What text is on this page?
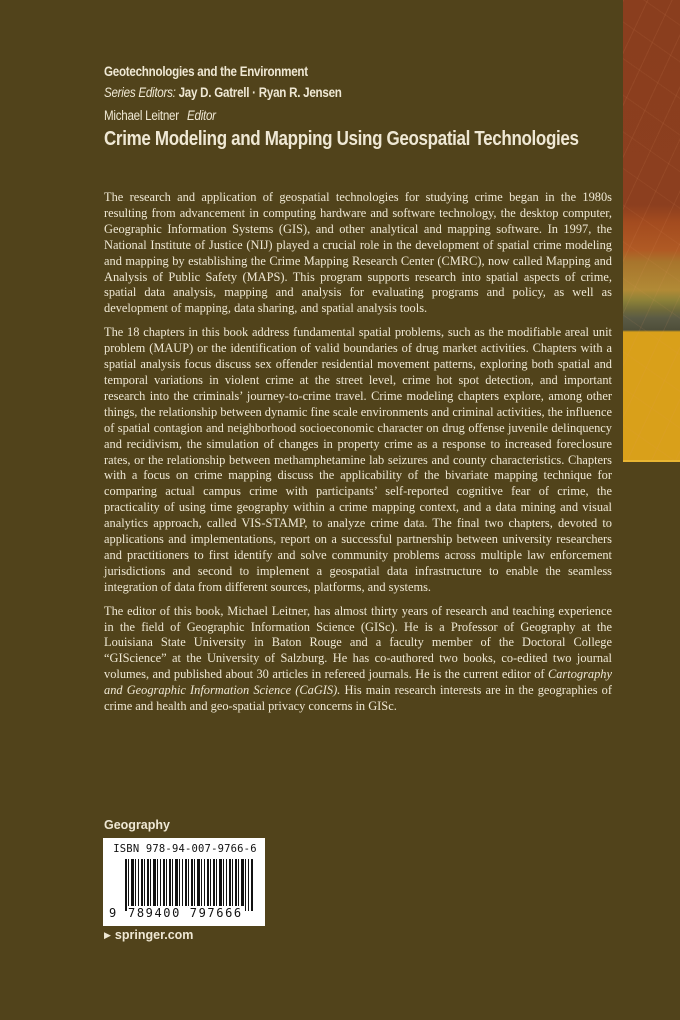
Geotechnologies and the Environment
Series Editors: Jay D. Gatrell · Ryan R. Jensen
Michael Leitner Editor
Crime Modeling and Mapping Using Geospatial Technologies

The research and application of geospatial technologies for studying crime began in the 1980s resulting from advancement in computing hardware and software technology, the desktop computer, Geographic Information Systems (GIS), and other analytical and mapping software. In 1997, the National Institute of Justice (NIJ) played a crucial role in the development of spatial crime modeling and mapping by establishing the Crime Mapping Research Center (CMRC), now called Mapping and Analysis of Public Safety (MAPS). This program supports research into spatial aspects of crime, spatial data analysis, mapping and analysis for evaluating programs and policy, as well as development of mapping, data sharing, and spatial analysis tools.

The 18 chapters in this book address fundamental spatial problems, such as the modifiable areal unit problem (MAUP) or the identification of valid boundaries of drug market activities. Chapters with a spatial analysis focus discuss sex offender residential movement patterns, exploring both spatial and temporal variations in violent crime at the street level, crime hot spot detection, and important research into the criminals’ journey-to-crime travel. Crime modeling chapters explore, among other things, the relationship between dynamic fine scale environments and criminal activities, the influence of spatial contagion and neighborhood socioeconomic character on drug offense juvenile delinquency and recidivism, the simulation of changes in property crime as a response to increased foreclosure rates, or the relationship between methamphetamine lab seizures and county characteristics. Chapters with a focus on crime mapping discuss the applicability of the bivariate mapping technique for comparing actual campus crime with participants’ self-reported cognitive fear of crime, the practicality of using time geography within a crime mapping context, and a data mining and visual analytics approach, called VIS-STAMP, to analyze crime data. The final two chapters, devoted to applications and implementations, report on a successful partnership between university researchers and practitioners to first identify and solve community problems across multiple law enforcement jurisdictions and second to implement a geospatial data infrastructure to enable the seamless integration of data from different sources, platforms, and systems.

The editor of this book, Michael Leitner, has almost thirty years of research and teaching experience in the field of Geographic Information Science (GISc). He is a Professor of Geography at the Louisiana State University in Baton Rouge and a faculty member of the Doctoral College “GIScience” at the University of Salzburg. He has co-authored two books, co-edited two journal volumes, and published about 30 articles in refereed journals. He is the current editor of Cartography and Geographic Information Science (CaGIS). His main research interests are in the geographies of crime and health and geo-spatial privacy concerns in GISc.

Geography
ISBN 978-94-007-9766-6
9 789400 797666
▶ springer.com
